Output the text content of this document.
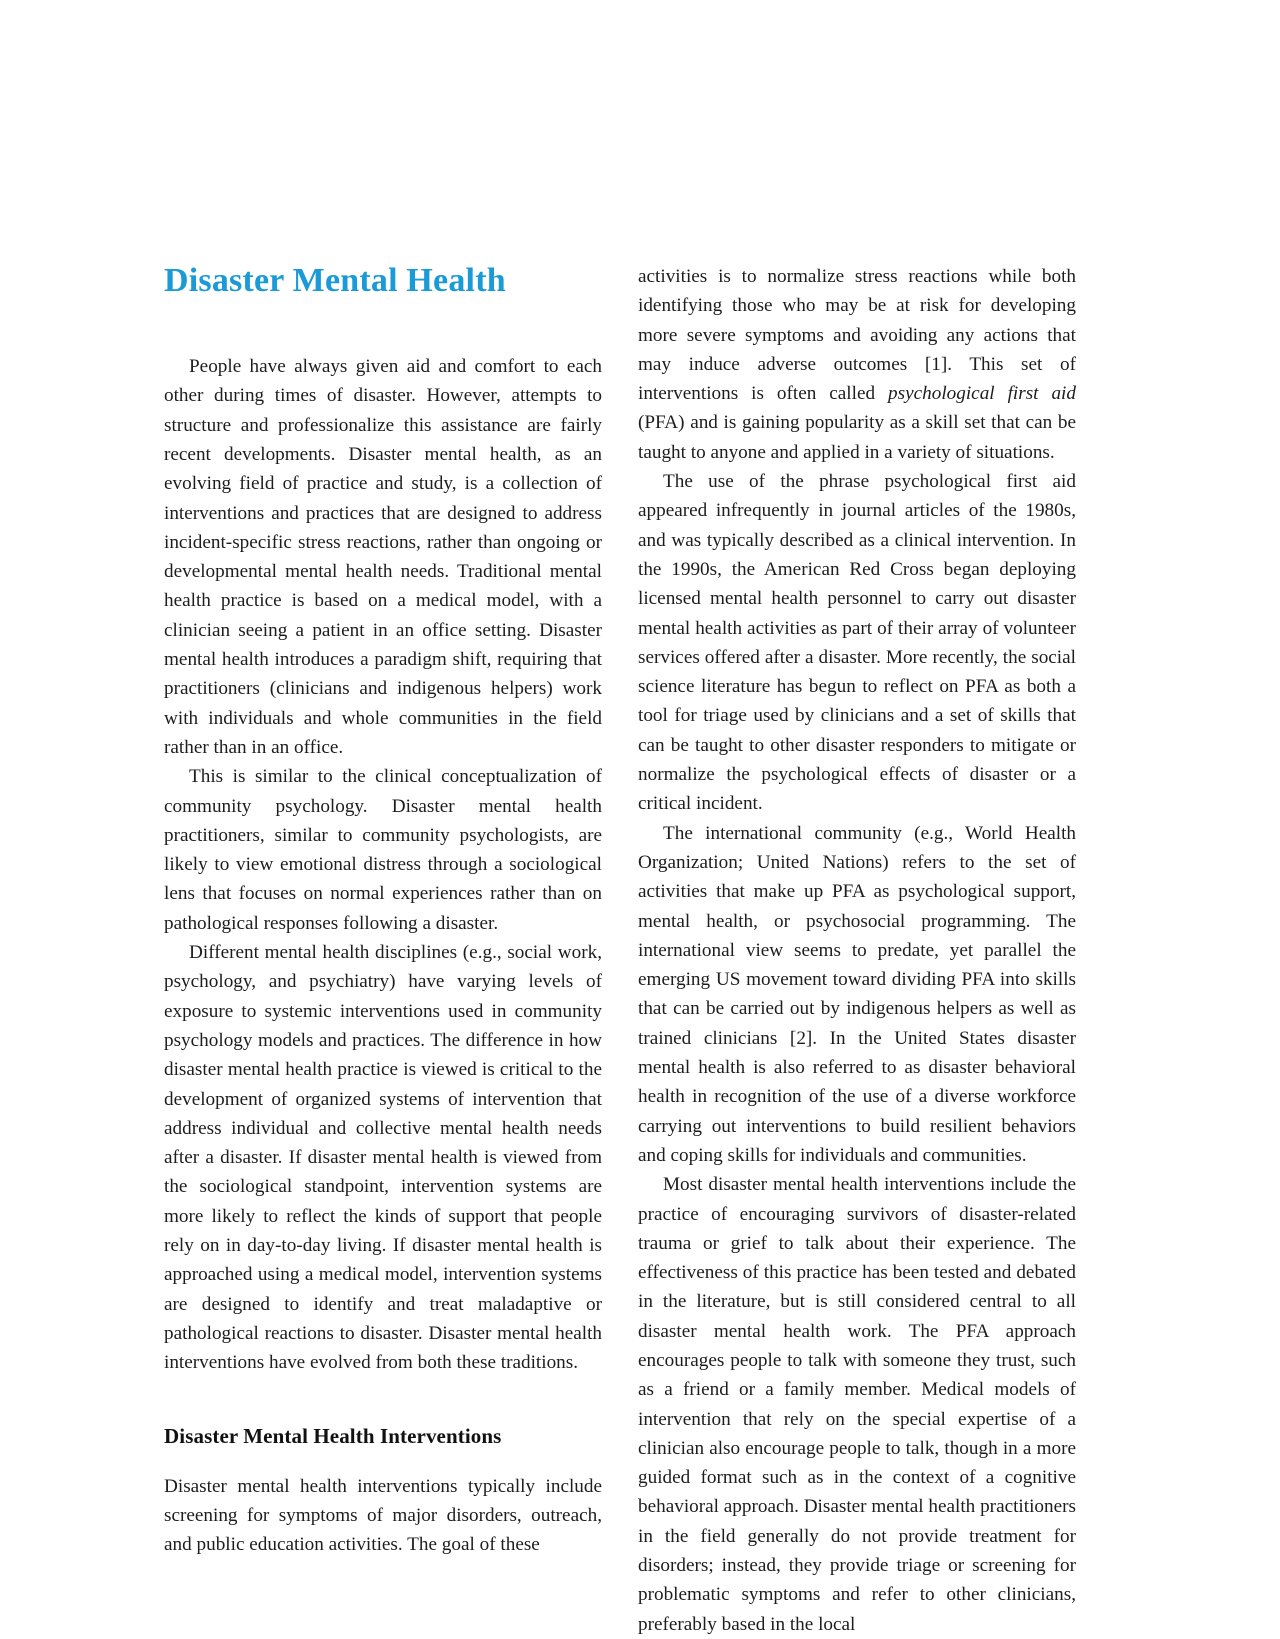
Disaster Mental Health

People have always given aid and comfort to each other during times of disaster. However, attempts to structure and professionalize this assistance are fairly recent developments. Disaster mental health, as an evolving field of practice and study, is a collection of interventions and practices that are designed to address incident-specific stress reactions, rather than ongoing or developmental mental health needs. Traditional mental health practice is based on a medical model, with a clinician seeing a patient in an office setting. Disaster mental health introduces a paradigm shift, requiring that practitioners (clinicians and indigenous helpers) work with individuals and whole communities in the field rather than in an office.

This is similar to the clinical conceptualization of community psychology. Disaster mental health practitioners, similar to community psychologists, are likely to view emotional distress through a sociological lens that focuses on normal experiences rather than on pathological responses following a disaster.

Different mental health disciplines (e.g., social work, psychology, and psychiatry) have varying levels of exposure to systemic interventions used in community psychology models and practices. The difference in how disaster mental health practice is viewed is critical to the development of organized systems of intervention that address individual and collective mental health needs after a disaster. If disaster mental health is viewed from the sociological standpoint, intervention systems are more likely to reflect the kinds of support that people rely on in day-to-day living. If disaster mental health is approached using a medical model, intervention systems are designed to identify and treat maladaptive or pathological reactions to disaster. Disaster mental health interventions have evolved from both these traditions.

Disaster Mental Health Interventions

Disaster mental health interventions typically include screening for symptoms of major disorders, outreach, and public education activities. The goal of these

activities is to normalize stress reactions while both identifying those who may be at risk for developing more severe symptoms and avoiding any actions that may induce adverse outcomes [1]. This set of interventions is often called psychological first aid (PFA) and is gaining popularity as a skill set that can be taught to anyone and applied in a variety of situations.

The use of the phrase psychological first aid appeared infrequently in journal articles of the 1980s, and was typically described as a clinical intervention. In the 1990s, the American Red Cross began deploying licensed mental health personnel to carry out disaster mental health activities as part of their array of volunteer services offered after a disaster. More recently, the social science literature has begun to reflect on PFA as both a tool for triage used by clinicians and a set of skills that can be taught to other disaster responders to mitigate or normalize the psychological effects of disaster or a critical incident.

The international community (e.g., World Health Organization; United Nations) refers to the set of activities that make up PFA as psychological support, mental health, or psychosocial programming. The international view seems to predate, yet parallel the emerging US movement toward dividing PFA into skills that can be carried out by indigenous helpers as well as trained clinicians [2]. In the United States disaster mental health is also referred to as disaster behavioral health in recognition of the use of a diverse workforce carrying out interventions to build resilient behaviors and coping skills for individuals and communities.

Most disaster mental health interventions include the practice of encouraging survivors of disaster-related trauma or grief to talk about their experience. The effectiveness of this practice has been tested and debated in the literature, but is still considered central to all disaster mental health work. The PFA approach encourages people to talk with someone they trust, such as a friend or a family member. Medical models of intervention that rely on the special expertise of a clinician also encourage people to talk, though in a more guided format such as in the context of a cognitive behavioral approach. Disaster mental health practitioners in the field generally do not provide treatment for disorders; instead, they provide triage or screening for problematic symptoms and refer to other clinicians, preferably based in the local
